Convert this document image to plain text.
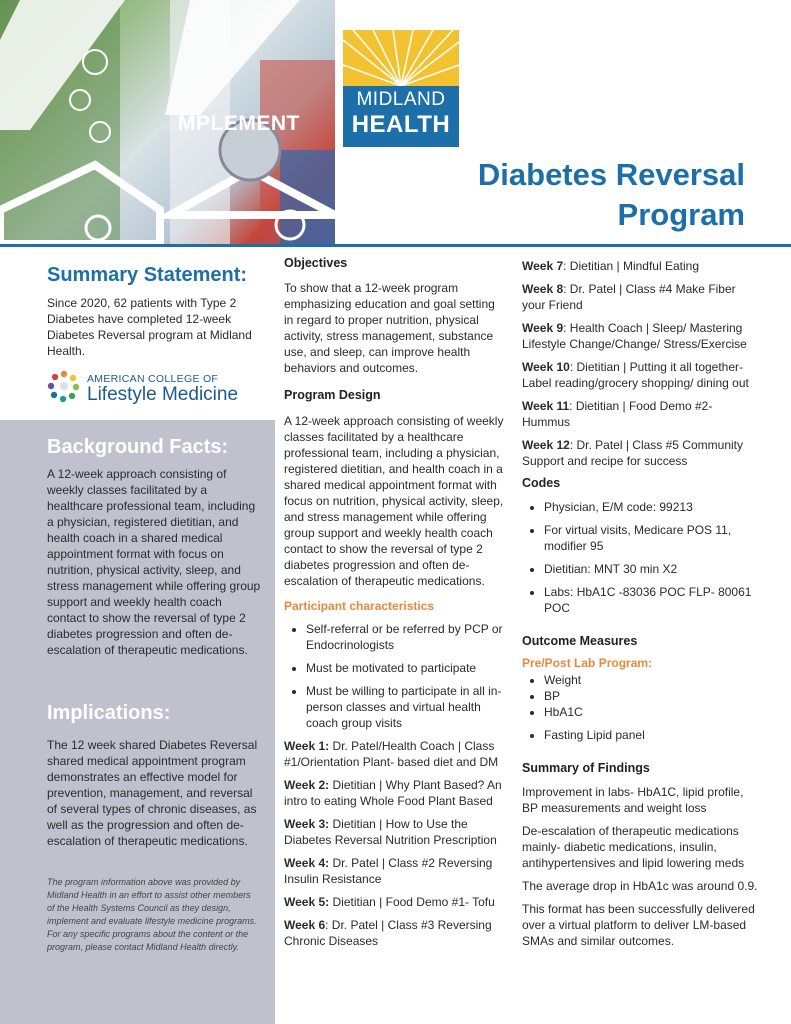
MPLEMENT
MIDLAND
HEALTH
Diabetes Reversal
Program
Summary Statement:
Since 2020, 62 patients with Type 2 Diabetes have completed 12-week Diabetes Reversal program at Midland Health.
AMERICAN COLLEGE OF
Lifestyle Medicine
Background Facts:
A 12-week approach consisting of weekly classes facilitated by a healthcare professional team, including a physician, registered dietitian, and health coach in a shared medical appointment format with focus on nutrition, physical activity, sleep, and stress management while offering group support and weekly health coach contact to show the reversal of type 2 diabetes progression and often de-escalation of therapeutic medications.
Implications:
The 12 week shared Diabetes Reversal shared medical appointment program demonstrates an effective model for prevention, management, and reversal of several types of chronic diseases, as well as the progression and often de-escalation of therapeutic medications.
The program information above was provided by Midland Health in an effort to assist other members of the Health Systems Council as they design, implement and evaluate lifestyle medicine programs. For any specific programs about the content or the program, please contact Midland Health directly.

Objectives

To show that a 12-week program emphasizing education and goal setting in regard to proper nutrition, physical activity, stress management, substance use, and sleep, can improve health behaviors and outcomes.

Program Design

A 12-week approach consisting of weekly classes facilitated by a healthcare professional team, including a physician, registered dietitian, and health coach in a shared medical appointment format with focus on nutrition, physical activity, sleep, and stress management while offering group support and weekly health coach contact to show the reversal of type 2 diabetes progression and often de-escalation of therapeutic medications.
Participant characteristics
• Self-referral or be referred by PCP or Endocrinologists
• Must be motivated to participate
• Must be willing to participate in all in-person classes and virtual health coach group visits
Week 1: Dr. Patel/Health Coach | Class #1/Orientation Plant- based diet and DM
Week 2: Dietitian | Why Plant Based? An intro to eating Whole Food Plant Based
Week 3: Dietitian | How to Use the Diabetes Reversal Nutrition Prescription
Week 4: Dr. Patel | Class #2 Reversing Insulin Resistance
Week 5: Dietitian | Food Demo #1- Tofu
Week 6: Dr. Patel | Class #3 Reversing Chronic Diseases
Week 7: Dietitian | Mindful Eating
Week 8: Dr. Patel | Class #4 Make Fiber your Friend
Week 9: Health Coach | Sleep/ Mastering Lifestyle Change/Change/ Stress/Exercise
Week 10: Dietitian | Putting it all together-Label reading/grocery shopping/ dining out
Week 11: Dietitian | Food Demo #2- Hummus
Week 12: Dr. Patel | Class #5 Community Support and recipe for success

Codes

• Physician, E/M code: 99213
• For virtual visits, Medicare POS 11, modifier 95
• Dietitian: MNT 30 min X2
• Labs: HbA1C -83036 POC FLP- 80061 POC

Outcome Measures

Pre/Post Lab Program:
• Weight
• BP
• HbA1C
• Fasting Lipid panel

Summary of Findings

Improvement in labs- HbA1C, lipid profile, BP measurements and weight loss
De-escalation of therapeutic medications mainly- diabetic medications, insulin, antihypertensives and lipid lowering meds
The average drop in HbA1c was around 0.9.
This format has been successfully delivered over a virtual platform to deliver LM-based SMAs and similar outcomes.
